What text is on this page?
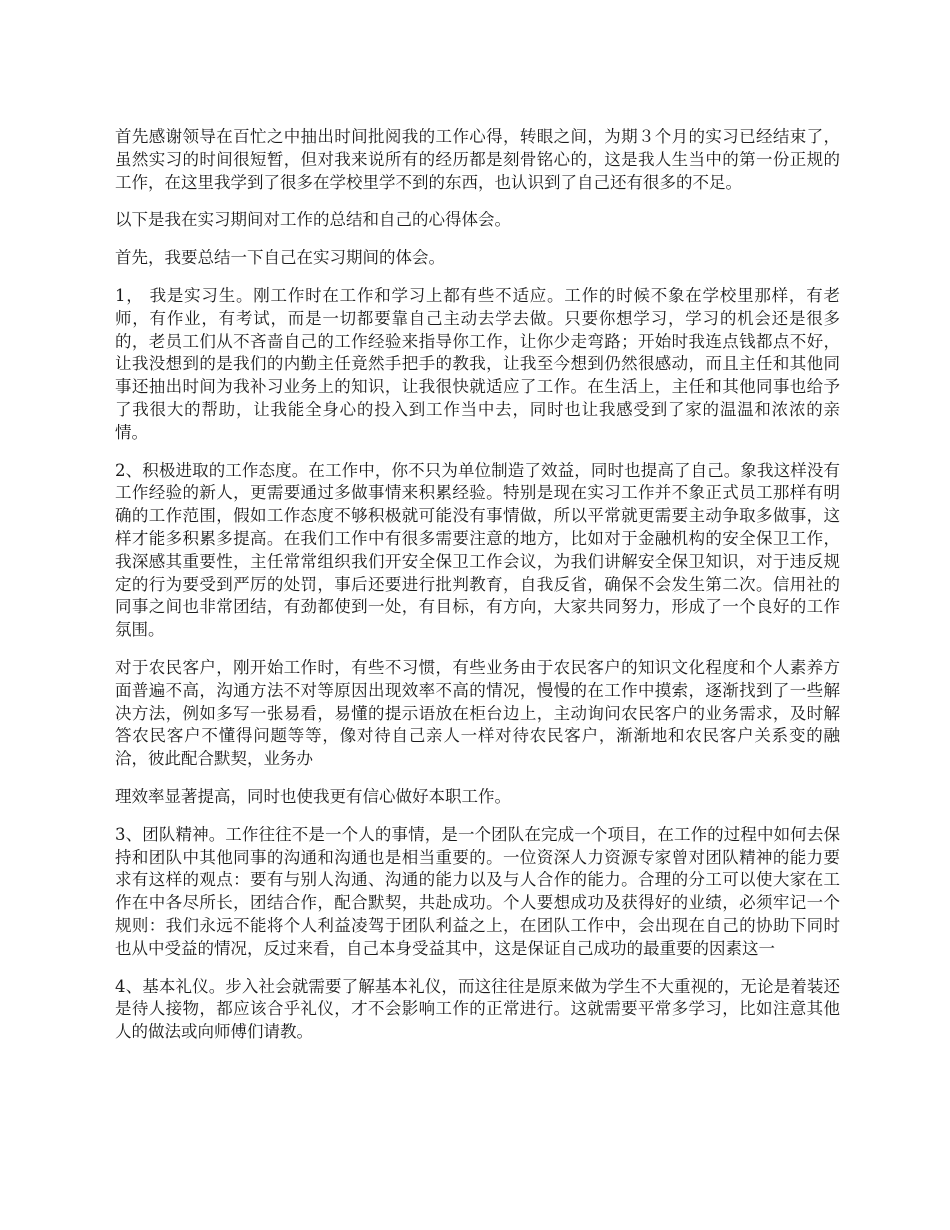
首先感谢领导在百忙之中抽出时间批阅我的工作心得，转眼之间，为期３个月的实习已经结束了，虽然实习的时间很短暂，但对我来说所有的经历都是刻骨铭心的，这是我人生当中的第一份正规的工作，在这里我学到了很多在学校里学不到的东西，也认识到了自己还有很多的不足。

以下是我在实习期间对工作的总结和自己的心得体会。

首先，我要总结一下自己在实习期间的体会。

1， 我是实习生。刚工作时在工作和学习上都有些不适应。工作的时候不象在学校里那样，有老师，有作业，有考试，而是一切都要靠自己主动去学去做。只要你想学习，学习的机会还是很多的，老员工们从不吝啬自己的工作经验来指导你工作，让你少走弯路；开始时我连点钱都点不好，让我没想到的是我们的内勤主任竟然手把手的教我，让我至今想到仍然很感动，而且主任和其他同事还抽出时间为我补习业务上的知识，让我很快就适应了工作。在生活上，主任和其他同事也给予了我很大的帮助，让我能全身心的投入到工作当中去，同时也让我感受到了家的温温和浓浓的亲情。

2、积极进取的工作态度。在工作中，你不只为单位制造了效益，同时也提高了自己。象我这样没有工作经验的新人，更需要通过多做事情来积累经验。特别是现在实习工作并不象正式员工那样有明确的工作范围，假如工作态度不够积极就可能没有事情做，所以平常就更需要主动争取多做事，这样才能多积累多提高。在我们工作中有很多需要注意的地方，比如对于金融机构的安全保卫工作，我深感其重要性，主任常常组织我们开安全保卫工作会议，为我们讲解安全保卫知识，对于违反规定的行为要受到严厉的处罚，事后还要进行批判教育，自我反省，确保不会发生第二次。信用社的同事之间也非常团结，有劲都使到一处，有目标，有方向，大家共同努力，形成了一个良好的工作氛围。

对于农民客户，刚开始工作时，有些不习惯，有些业务由于农民客户的知识文化程度和个人素养方面普遍不高，沟通方法不对等原因出现效率不高的情况，慢慢的在工作中摸索，逐渐找到了一些解决方法，例如多写一张易看，易懂的提示语放在柜台边上，主动询问农民客户的业务需求，及时解答农民客户不懂得问题等等，像对待自己亲人一样对待农民客户，渐渐地和农民客户关系变的融洽，彼此配合默契，业务办

理效率显著提高，同时也使我更有信心做好本职工作。

3、团队精神。工作往往不是一个人的事情，是一个团队在完成一个项目，在工作的过程中如何去保持和团队中其他同事的沟通和沟通也是相当重要的。一位资深人力资源专家曾对团队精神的能力要求有这样的观点：要有与别人沟通、沟通的能力以及与人合作的能力。合理的分工可以使大家在工作在中各尽所长，团结合作，配合默契，共赴成功。个人要想成功及获得好的业绩，必须牢记一个规则：我们永远不能将个人利益凌驾于团队利益之上，在团队工作中，会出现在自己的协助下同时也从中受益的情况，反过来看，自己本身受益其中，这是保证自己成功的最重要的因素这一

4、基本礼仪。步入社会就需要了解基本礼仪，而这往往是原来做为学生不大重视的，无论是着装还是待人接物，都应该合乎礼仪，才不会影响工作的正常进行。这就需要平常多学习，比如注意其他人的做法或向师傅们请教。
